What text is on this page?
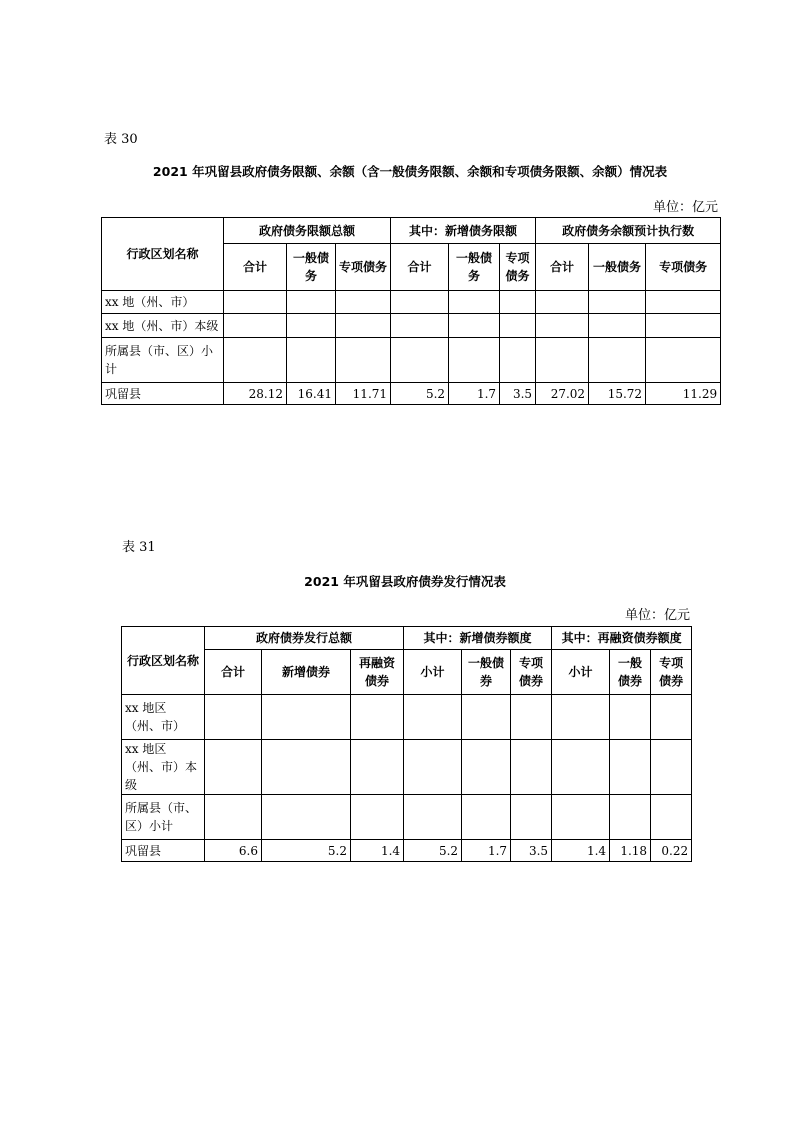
表 30
2021 年巩留县政府债务限额、余额（含一般债务限额、余额和专项债务限额、余额）情况表
单位：亿元
行政区划名称	政府债务限额总额			其中：新增债务限额			政府债务余额预计执行数		
	合计	一般债务	专项债务	合计	一般债务	专项债务	合计	一般债务	专项债务
xx 地（州、市）									
xx 地（州、市）本级									
所属县（市、区）小计									
巩留县	28.12	16.41	11.71	5.2	1.7	3.5	27.02	15.72	11.29
表 31
2021 年巩留县政府债券发行情况表
单位：亿元
行政区划名称	政府债券发行总额			其中：新增债券额度			其中：再融资债券额度		
	合计	新增债券	再融资债券	小计	一般债券	专项债券	小计	一般债券	专项债券
xx 地区（州、市）									
xx 地区（州、市）本级									
所属县（市、区）小计									
巩留县	6.6	5.2	1.4	5.2	1.7	3.5	1.4	1.18	0.22
